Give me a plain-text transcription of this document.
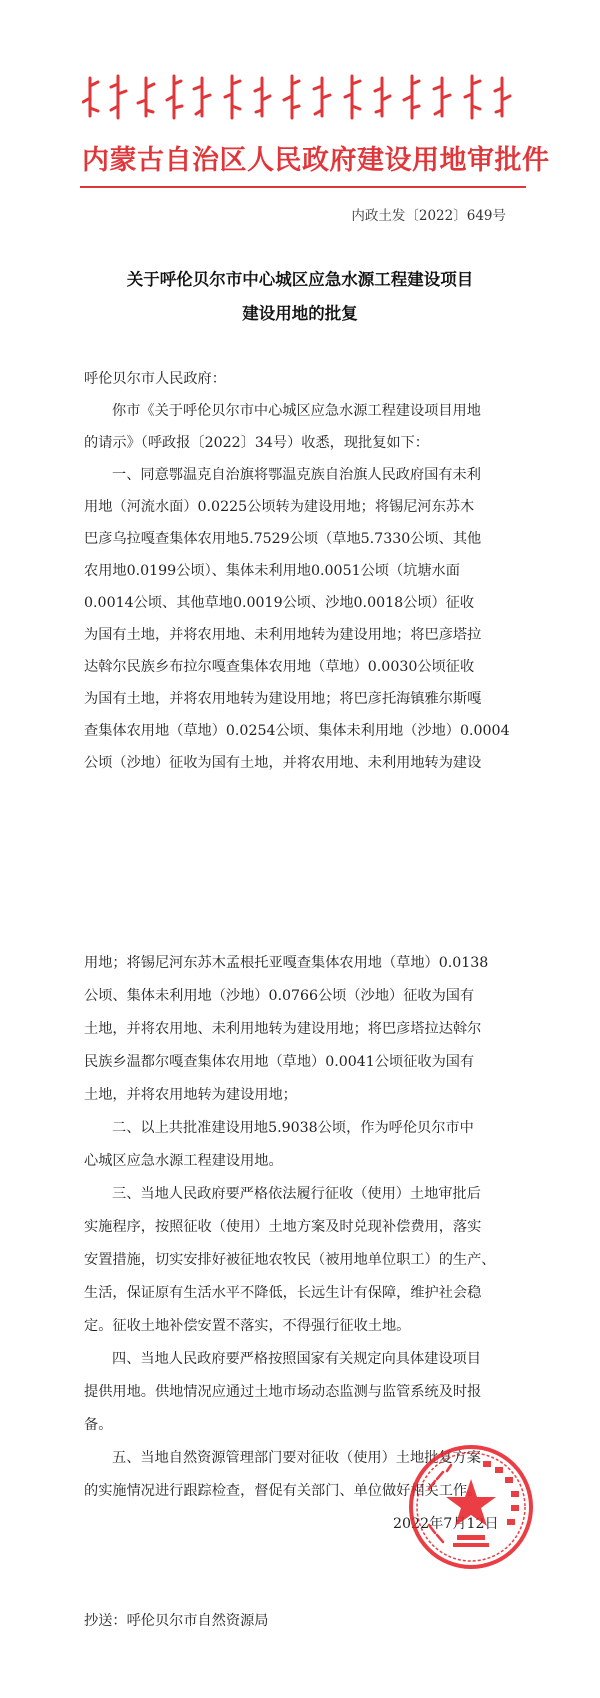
内蒙古自治区人民政府建设用地审批件
内政土发〔2022〕649号
关于呼伦贝尔市中心城区应急水源工程建设项目
建设用地的批复
呼伦贝尔市人民政府：
你市《关于呼伦贝尔市中心城区应急水源工程建设项目用地
的请示》（呼政报〔2022〕34号）收悉，现批复如下：
一、同意鄂温克自治旗将鄂温克族自治旗人民政府国有未利
用地（河流水面）0.0225公顷转为建设用地；将锡尼河东苏木
巴彦乌拉嘎查集体农用地5.7529公顷（草地5.7330公顷、其他
农用地0.0199公顷）、集体未利用地0.0051公顷（坑塘水面
0.0014公顷、其他草地0.0019公顷、沙地0.0018公顷）征收
为国有土地，并将农用地、未利用地转为建设用地；将巴彦塔拉
达斡尔民族乡布拉尔嘎查集体农用地（草地）0.0030公顷征收
为国有土地，并将农用地转为建设用地；将巴彦托海镇雅尔斯嘎
查集体农用地（草地）0.0254公顷、集体未利用地（沙地）0.0004
公顷（沙地）征收为国有土地，并将农用地、未利用地转为建设
用地；将锡尼河东苏木孟根托亚嘎查集体农用地（草地）0.0138
公顷、集体未利用地（沙地）0.0766公顷（沙地）征收为国有
土地，并将农用地、未利用地转为建设用地；将巴彦塔拉达斡尔
民族乡温都尔嘎查集体农用地（草地）0.0041公顷征收为国有
土地，并将农用地转为建设用地；
二、以上共批准建设用地5.9038公顷，作为呼伦贝尔市中
心城区应急水源工程建设用地。
三、当地人民政府要严格依法履行征收（使用）土地审批后
实施程序，按照征收（使用）土地方案及时兑现补偿费用，落实
安置措施，切实安排好被征地农牧民（被用地单位职工）的生产、
生活，保证原有生活水平不降低，长远生计有保障，维护社会稳
定。征收土地补偿安置不落实，不得强行征收土地。
四、当地人民政府要严格按照国家有关规定向具体建设项目
提供用地。供地情况应通过土地市场动态监测与监管系统及时报
备。
五、当地自然资源管理部门要对征收（使用）土地批复方案
的实施情况进行跟踪检查，督促有关部门、单位做好相关工作。
2022年7月12日
抄送：呼伦贝尔市自然资源局
